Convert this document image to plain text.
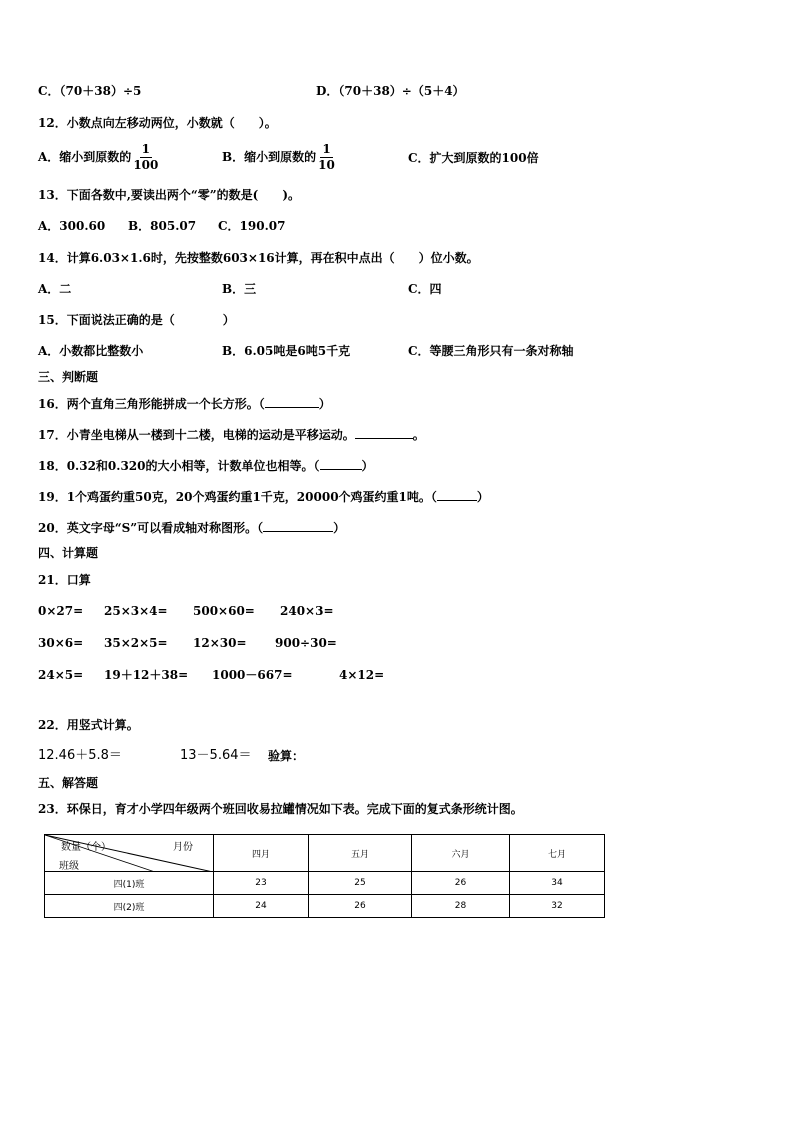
C．（70＋38）÷5	D．（70＋38）÷（5＋4）
12．小数点向左移动两位，小数就（　　）。
A．缩小到原数的 $\frac{1}{100}$	B．缩小到原数的 $\frac{1}{10}$	C．扩大到原数的100倍
13．下面各数中,要读出两个“零”的数是(　　)。
A．300.60 B．805.07 C．190.07
14．计算6.03×1.6时，先按整数603×16计算，再在积中点出（　　）位小数。
A．二	B．三	C．四
15．下面说法正确的是（　　　　）
A．小数都比整数小	B．6.05吨是6吨5千克	C．等腰三角形只有一条对称轴
三、判断题
16．两个直角三角形能拼成一个长方形。（	）
17．小青坐电梯从一楼到十二楼，电梯的运动是平移运动。	。
18．0.32和0.320的大小相等，计数单位也相等。（	）
19．1个鸡蛋约重50克，20个鸡蛋约重1千克，20000个鸡蛋约重1吨。（	）
20．英文字母“S”可以看成轴对称图形。（	）
四、计算题
21．口算
0×27= 25×3×4= 500×60= 240×3=
30×6= 35×2×5= 12×30= 900÷30=
24×5= 19＋12＋38= 1000－667=	4×12=
22．用竖式计算。
12.46＋5.8＝	13－5.64＝ 验算：
五、解答题
23．环保日，育才小学四年级两个班回收易拉罐情况如下表。完成下面的复式条形统计图。
数量（个） 月份
班级	四月	五月	六月	七月
四(1)班	23	25	26	34
四(2)班	24	26	28	32
